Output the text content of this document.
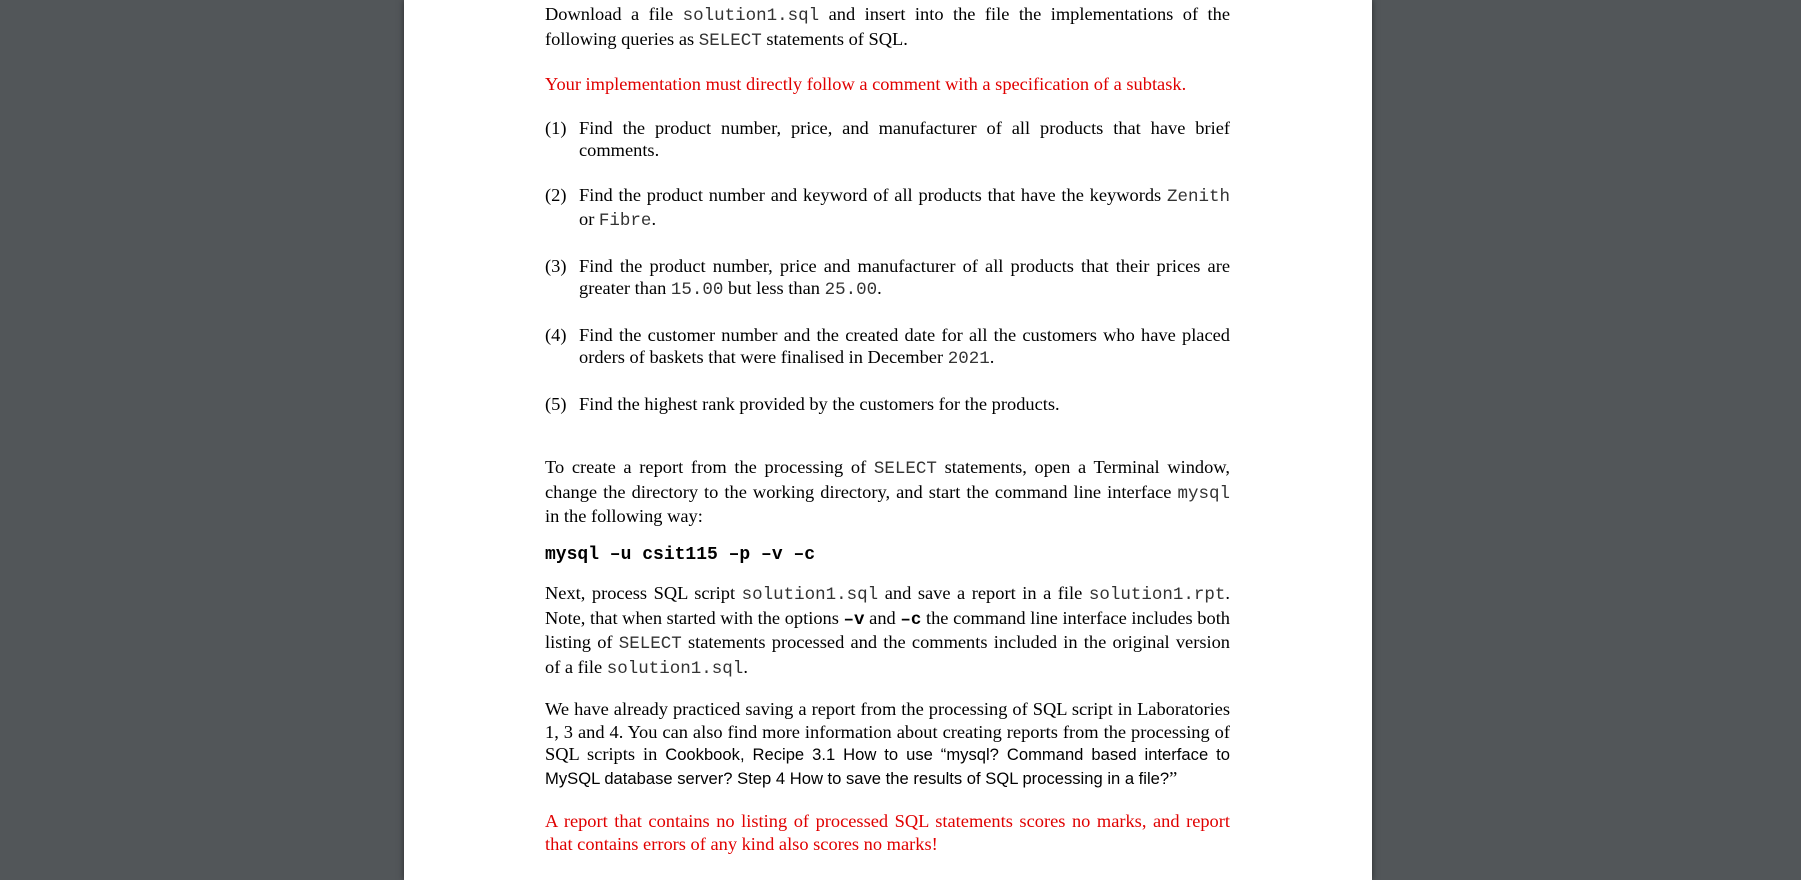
Download a file solution1.sql and insert into the file the implementations of the following queries as SELECT statements of SQL.

Your implementation must directly follow a comment with a specification of a subtask.

(1) Find the product number, price, and manufacturer of all products that have brief comments.

(2) Find the product number and keyword of all products that have the keywords Zenith or Fibre.

(3) Find the product number, price and manufacturer of all products that their prices are greater than 15.00 but less than 25.00.

(4) Find the customer number and the created date for all the customers who have placed orders of baskets that were finalised in December 2021.

(5) Find the highest rank provided by the customers for the products.

To create a report from the processing of SELECT statements, open a Terminal window, change the directory to the working directory, and start the command line interface mysql in the following way:

mysql –u csit115 –p –v –c

Next, process SQL script solution1.sql and save a report in a file solution1.rpt. Note, that when started with the options –v and –c the command line interface includes both listing of SELECT statements processed and the comments included in the original version of a file solution1.sql.

We have already practiced saving a report from the processing of SQL script in Laboratories 1, 3 and 4. You can also find more information about creating reports from the processing of SQL scripts in Cookbook, Recipe 3.1 How to use “mysql? Command based interface to MySQL database server? Step 4 How to save the results of SQL processing in a file?”

A report that contains no listing of processed SQL statements scores no marks, and report that contains errors of any kind also scores no marks!
